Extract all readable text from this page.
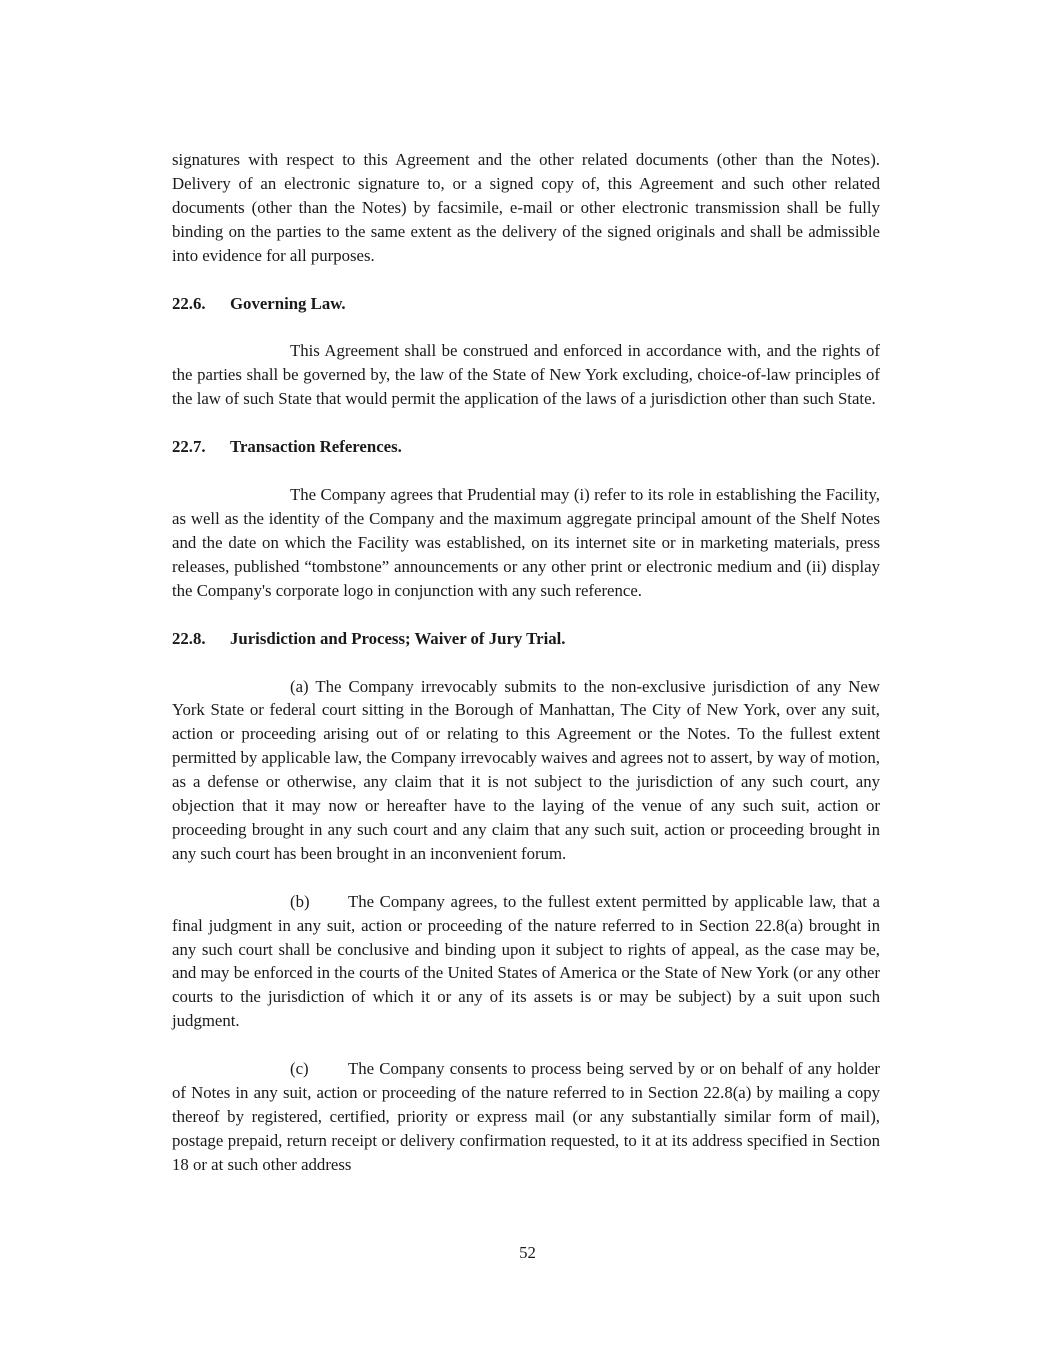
signatures with respect to this Agreement and the other related documents (other than the Notes). Delivery of an electronic signature to, or a signed copy of, this Agreement and such other related documents (other than the Notes) by facsimile, e-mail or other electronic transmission shall be fully binding on the parties to the same extent as the delivery of the signed originals and shall be admissible into evidence for all purposes.

22.6. Governing Law.

This Agreement shall be construed and enforced in accordance with, and the rights of the parties shall be governed by, the law of the State of New York excluding, choice-of-law principles of the law of such State that would permit the application of the laws of a jurisdiction other than such State.

22.7. Transaction References.

The Company agrees that Prudential may (i) refer to its role in establishing the Facility, as well as the identity of the Company and the maximum aggregate principal amount of the Shelf Notes and the date on which the Facility was established, on its internet site or in marketing materials, press releases, published “tombstone” announcements or any other print or electronic medium and (ii) display the Company's corporate logo in conjunction with any such reference.

22.8. Jurisdiction and Process; Waiver of Jury Trial.

(a) The Company irrevocably submits to the non-exclusive jurisdiction of any New York State or federal court sitting in the Borough of Manhattan, The City of New York, over any suit, action or proceeding arising out of or relating to this Agreement or the Notes. To the fullest extent permitted by applicable law, the Company irrevocably waives and agrees not to assert, by way of motion, as a defense or otherwise, any claim that it is not subject to the jurisdiction of any such court, any objection that it may now or hereafter have to the laying of the venue of any such suit, action or proceeding brought in any such court and any claim that any such suit, action or proceeding brought in any such court has been brought in an inconvenient forum.

(b) The Company agrees, to the fullest extent permitted by applicable law, that a final judgment in any suit, action or proceeding of the nature referred to in Section 22.8(a) brought in any such court shall be conclusive and binding upon it subject to rights of appeal, as the case may be, and may be enforced in the courts of the United States of America or the State of New York (or any other courts to the jurisdiction of which it or any of its assets is or may be subject) by a suit upon such judgment.

(c) The Company consents to process being served by or on behalf of any holder of Notes in any suit, action or proceeding of the nature referred to in Section 22.8(a) by mailing a copy thereof by registered, certified, priority or express mail (or any substantially similar form of mail), postage prepaid, return receipt or delivery confirmation requested, to it at its address specified in Section 18 or at such other address

52
